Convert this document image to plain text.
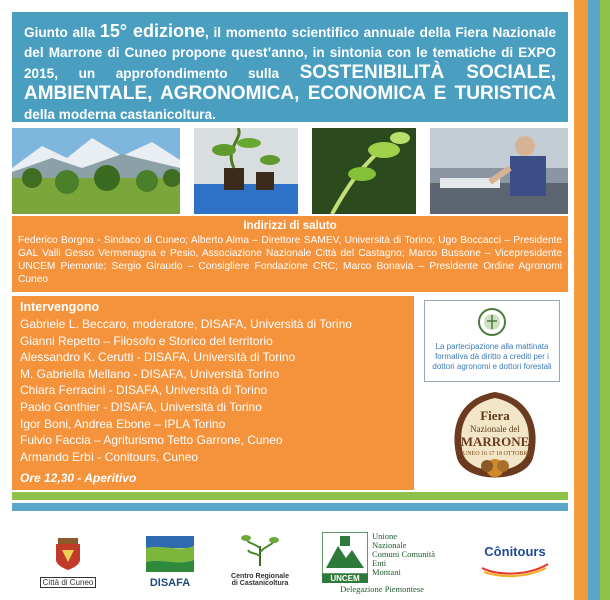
Giunto alla 15° edizione, il momento scientifico annuale della Fiera Nazionale del Marrone di Cuneo propone quest’anno, in sintonia con le tematiche di EXPO 2015, un approfondimento sulla SOSTENIBILITÀ SOCIALE, AMBIENTALE, AGRONOMICA, ECONOMICA E TURISTICA della moderna castanicoltura.
Indirizzi di saluto

Federico Borgna - Sindaco di Cuneo; Alberto Alma – Direttore SAMEV, Università di Torino; Ugo Boccacci – Presidente GAL Valli Gesso Vermenagna e Pesio, Associazione Nazionale Città del Castagno; Marco Bussone – Vicepresidente UNCEM Piemonte; Sergio Giraudo – Consigliere Fondazione CRC; Marco Bonavia – Presidente Ordine Agronomi Cuneo

Intervengono
Gabriele L. Beccaro, moderatore, DISAFA, Università di Torino
Gianni Repetto – Filosofo e Storico del territorio
Alessandro K. Cerutti - DISAFA, Università di Torino
M. Gabriella Mellano - DISAFA, Università Torino
Chiara Ferracini - DISAFA, Università di Torino
Paolo Gonthier - DISAFA, Università di Torino
Igor Boni, Andrea Ebone – IPLA Torino
Fulvio Faccia – Agriturismo Tetto Garrone, Cuneo
Armando Erbì - Conitours, Cuneo
Ore 12,30 - Aperitivo

La partecipazione alla mattinata formativa dà diritto a crediti per i dottori agronomi e dottori forestali

Fiera
Nazionale del
MARRONE
CUNEO 16 17 18 OTTOBRE
Città di Cuneo	DISAFA
Centro Regionale di Castanicoltura
UNCEM
Unione
Nazionale
Comuni Comunità
Enti
Montani
Delegazione Piemontese
Cônitours
